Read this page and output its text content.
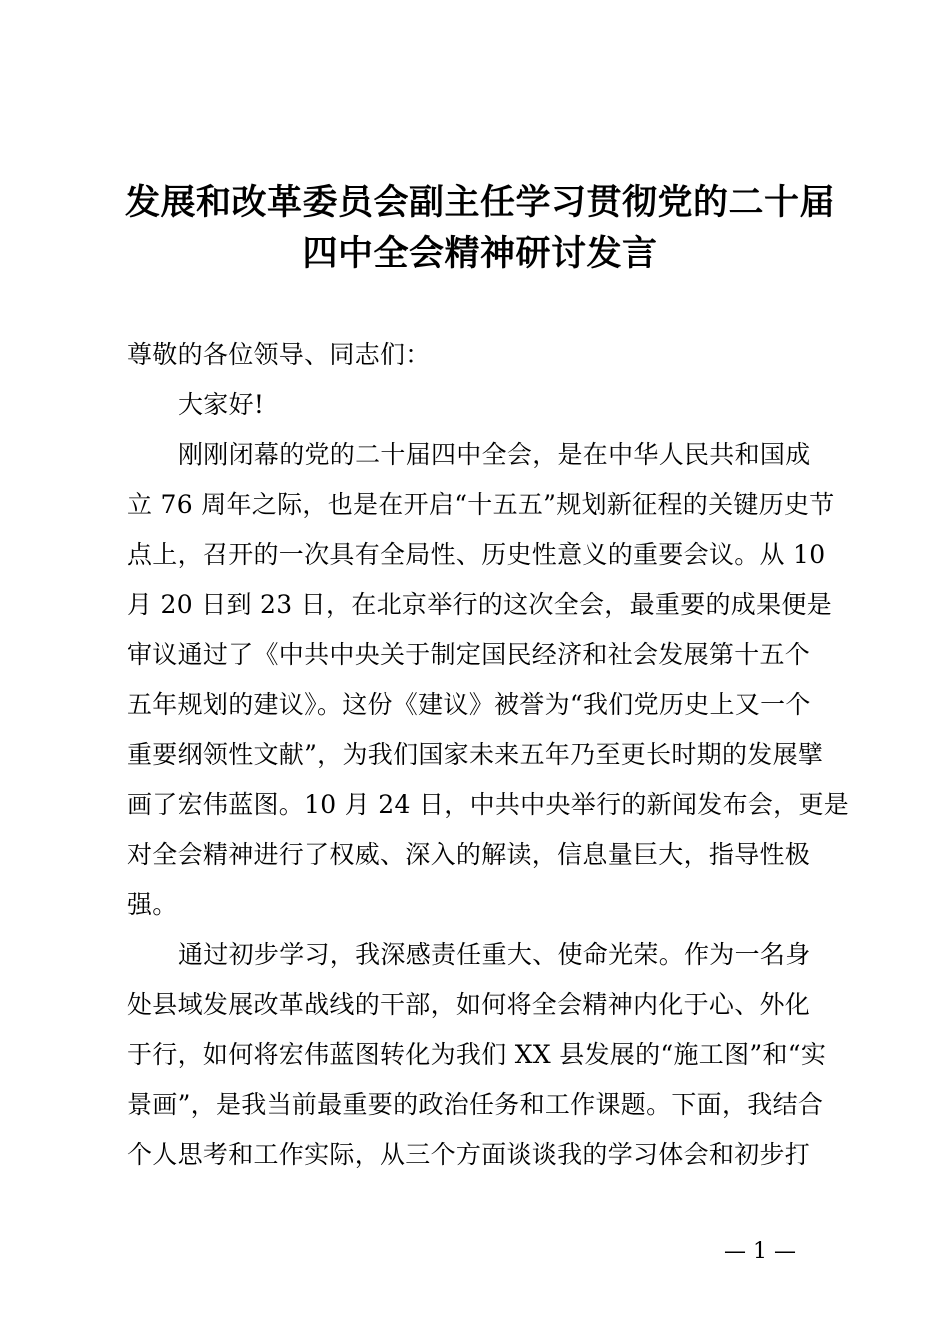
发展和改革委员会副主任学习贯彻党的二十届
四中全会精神研讨发言
尊敬的各位领导、同志们：
大家好!
刚刚闭幕的党的二十届四中全会，是在中华人民共和国成
立 76 周年之际，也是在开启“十五五”规划新征程的关键历史节
点上，召开的一次具有全局性、历史性意义的重要会议。从 10
月 20 日到 23 日，在北京举行的这次全会，最重要的成果便是
审议通过了《中共中央关于制定国民经济和社会发展第十五个
五年规划的建议》。这份《建议》被誉为“我们党历史上又一个
重要纲领性文献”，为我们国家未来五年乃至更长时期的发展擘
画了宏伟蓝图。10 月 24 日，中共中央举行的新闻发布会，更是
对全会精神进行了权威、深入的解读，信息量巨大，指导性极
强。
通过初步学习，我深感责任重大、使命光荣。作为一名身
处县域发展改革战线的干部，如何将全会精神内化于心、外化
于行，如何将宏伟蓝图转化为我们 XX 县发展的“施工图”和“实
景画”，是我当前最重要的政治任务和工作课题。下面，我结合
个人思考和工作实际，从三个方面谈谈我的学习体会和初步打
— 1 —
